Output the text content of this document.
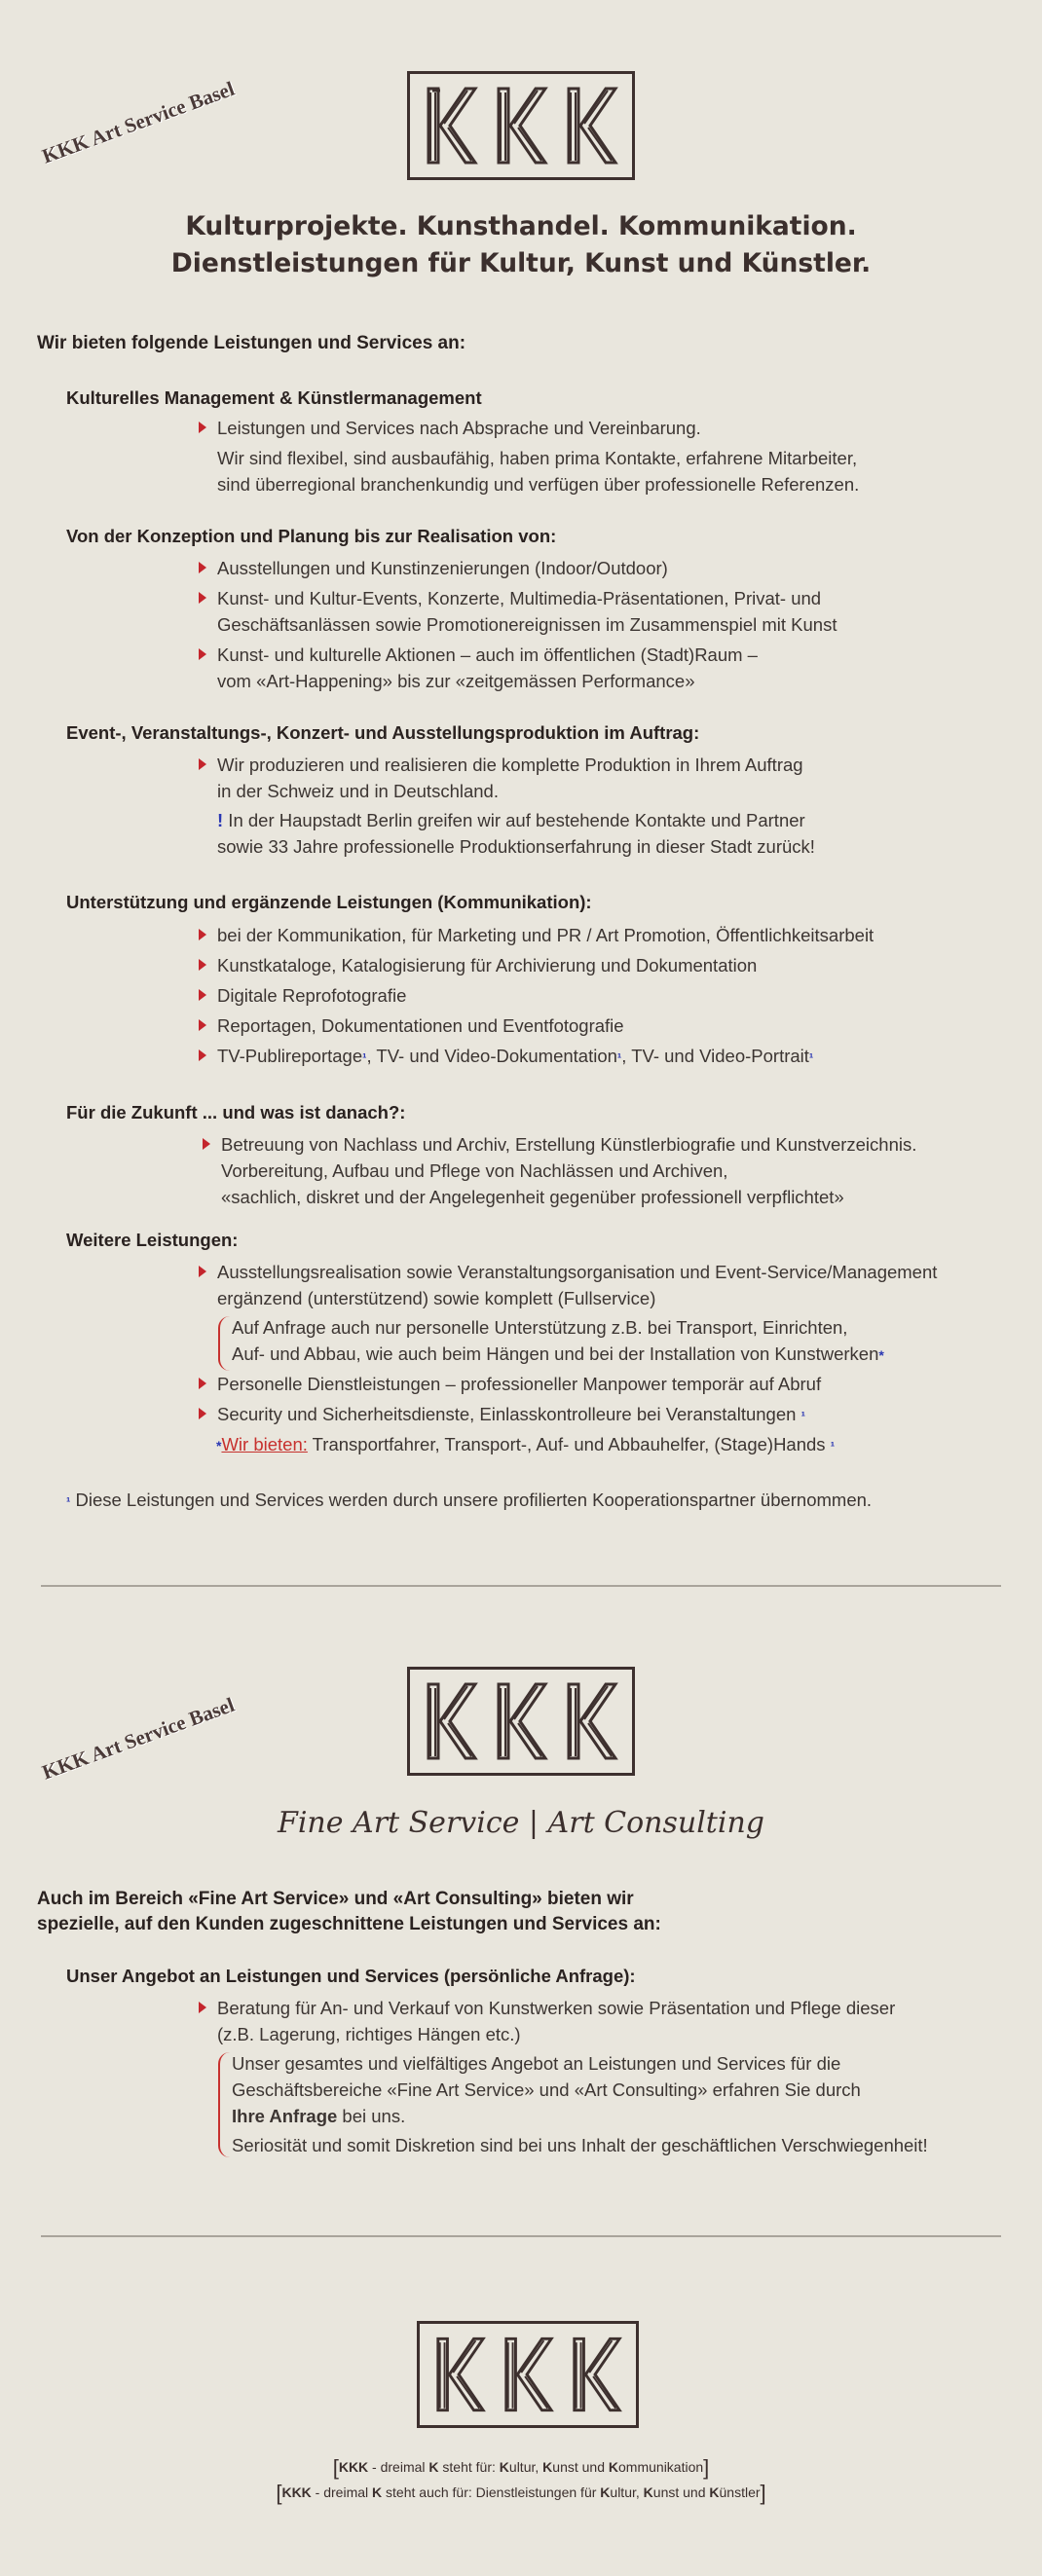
KKK Art Service Basel
Kulturprojekte. Kunsthandel. Kommunikation.
Dienstleistungen für Kultur, Kunst und Künstler.
Wir bieten folgende Leistungen und Services an:
Kulturelles Management & Künstlermanagement
Leistungen und Services nach Absprache und Vereinbarung.
Wir sind flexibel, sind ausbaufähig, haben prima Kontakte, erfahrene Mitarbeiter,
sind überregional branchenkundig und verfügen über professionelle Referenzen.
Von der Konzeption und Planung bis zur Realisation von:
Ausstellungen und Kunstinzenierungen (Indoor/Outdoor)
Kunst- und Kultur-Events, Konzerte, Multimedia-Präsentationen, Privat- und
Geschäftsanlässen sowie Promotionereignissen im Zusammenspiel mit Kunst
Kunst- und kulturelle Aktionen – auch im öffentlichen (Stadt)Raum –
vom «Art-Happening» bis zur «zeitgemässen Performance»
Event-, Veranstaltungs-, Konzert- und Ausstellungsproduktion im Auftrag:
Wir produzieren und realisieren die komplette Produktion in Ihrem Auftrag
in der Schweiz und in Deutschland.
! In der Haupstadt Berlin greifen wir auf bestehende Kontakte und Partner
sowie 33 Jahre professionelle Produktionserfahrung in dieser Stadt zurück!
Unterstützung und ergänzende Leistungen (Kommunikation):
bei der Kommunikation, für Marketing und PR / Art Promotion, Öffentlichkeitsarbeit
Kunstkataloge, Katalogisierung für Archivierung und Dokumentation
Digitale Reprofotografie
Reportagen, Dokumentationen und Eventfotografie
TV-Publireportage¹, TV- und Video-Dokumentation¹, TV- und Video-Portrait¹
Für die Zukunft ... und was ist danach?:
Betreuung von Nachlass und Archiv, Erstellung Künstlerbiografie und Kunstverzeichnis.
Vorbereitung, Aufbau und Pflege von Nachlässen und Archiven,
«sachlich, diskret und der Angelegenheit gegenüber professionell verpflichtet»
Weitere Leistungen:
Ausstellungsrealisation sowie Veranstaltungsorganisation und Event-Service/Management
ergänzend (unterstützend) sowie komplett (Fullservice)
Auf Anfrage auch nur personelle Unterstützung z.B. bei Transport, Einrichten,
Auf- und Abbau, wie auch beim Hängen und bei der Installation von Kunstwerken*
Personelle Dienstleistungen – professioneller Manpower temporär auf Abruf
Security und Sicherheitsdienste, Einlasskontrolleure bei Veranstaltungen ¹
*Wir bieten: Transportfahrer, Transport-, Auf- und Abbauhelfer, (Stage)Hands ¹
¹ Diese Leistungen und Services werden durch unsere profilierten Kooperationspartner übernommen.
KKK Art Service Basel
Fine Art Service | Art Consulting
Auch im Bereich «Fine Art Service» und «Art Consulting» bieten wir
spezielle, auf den Kunden zugeschnittene Leistungen und Services an:
Unser Angebot an Leistungen und Services (persönliche Anfrage):
Beratung für An- und Verkauf von Kunstwerken sowie Präsentation und Pflege dieser
(z.B. Lagerung, richtiges Hängen etc.)
Unser gesamtes und vielfältiges Angebot an Leistungen und Services für die
Geschäftsbereiche «Fine Art Service» und «Art Consulting» erfahren Sie durch
Ihre Anfrage bei uns.
Seriosität und somit Diskretion sind bei uns Inhalt der geschäftlichen Verschwiegenheit!
[KKK - dreimal K steht für: Kultur, Kunst und Kommunikation]
[KKK - dreimal K steht auch für: Dienstleistungen für Kultur, Kunst und Künstler]
